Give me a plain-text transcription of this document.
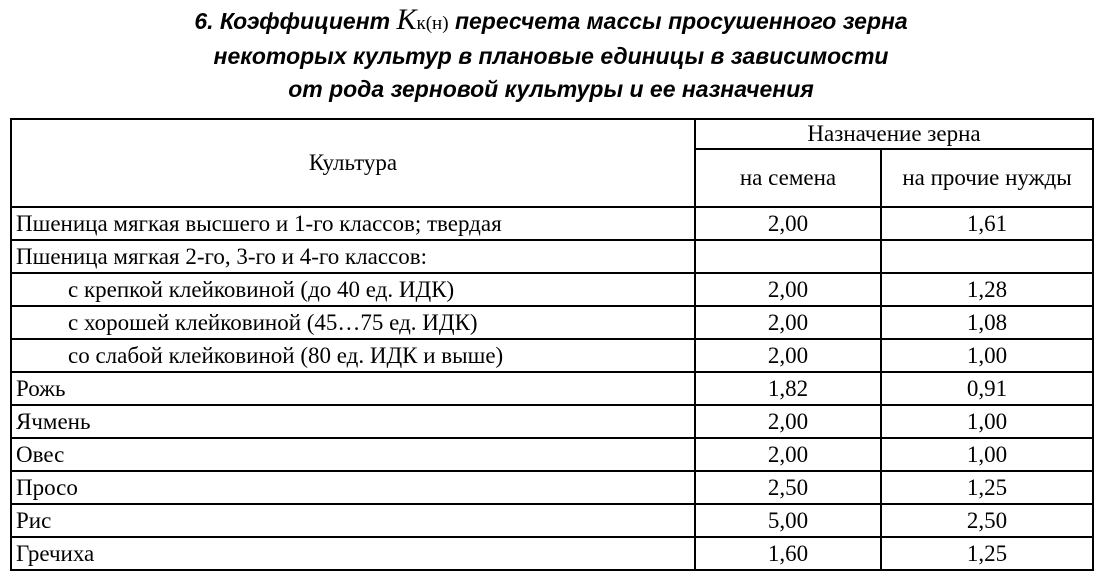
6. Коэффициент Kк(н) пересчета массы просушенного зерна
некоторых культур в плановые единицы в зависимости
от рода зерновой культуры и ее назначения
Культура	Назначение зерна	
	на семена	на прочие нужды
Пшеница мягкая высшего и 1-го классов; твердая	2,00	1,61
Пшеница мягкая 2-го, 3-го и 4-го классов:		
с крепкой клейковиной (до 40 ед. ИДК)	2,00	1,28
с хорошей клейковиной (45…75 ед. ИДК)	2,00	1,08
со слабой клейковиной (80 ед. ИДК и выше)	2,00	1,00
Рожь	1,82	0,91
Ячмень	2,00	1,00
Овес	2,00	1,00
Просо	2,50	1,25
Рис	5,00	2,50
Гречиха	1,60	1,25
